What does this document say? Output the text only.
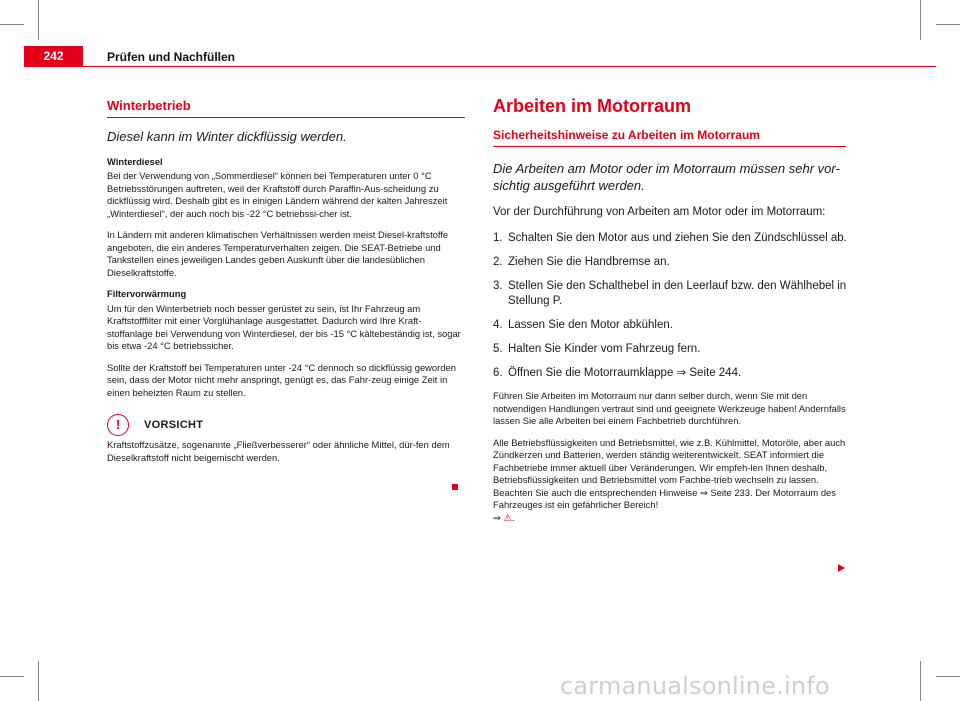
242	Prüfen und Nachfüllen
Winterbetrieb
Diesel kann im Winter dickflüssig werden.
Winterdiesel

Bei der Verwendung von „Sommerdiesel“ können bei Temperaturen unter 0 °C Betriebsstörungen auftreten, weil der Kraftstoff durch Paraffin-Aus-scheidung zu dickflüssig wird. Deshalb gibt es in einigen Ländern während der kalten Jahreszeit „Winterdiesel“, der auch noch bis -22 °C betriebssi-cher ist.

In Ländern mit anderen klimatischen Verhältnissen werden meist Diesel-kraftstoffe angeboten, die ein anderes Temperaturverhalten zeigen. Die SEAT-Betriebe und Tankstellen eines jeweiligen Landes geben Auskunft über die landesüblichen Dieselkraftstoffe.

Filtervorwärmung

Um für den Winterbetrieb noch besser gerüstet zu sein, ist Ihr Fahrzeug am Kraftstofffilter mit einer Vorglühanlage ausgestattet. Dadurch wird Ihre Kraft-stoffanlage bei Verwendung von Winterdiesel, der bis -15 °C kältebeständig ist, sogar bis etwa -24 °C betriebssicher.

Sollte der Kraftstoff bei Temperaturen unter -24 °C dennoch so dickflüssig geworden sein, dass der Motor nicht mehr anspringt, genügt es, das Fahr-zeug einige Zeit in einen beheizten Raum zu stellen.

!	VORSICHT

Kraftstoffzusätze, sogenannte „Fließverbesserer“ oder ähnliche Mittel, dür-fen dem Dieselkraftstoff nicht beigemischt werden.

Arbeiten im Motorraum
Sicherheitshinweise zu Arbeiten im Motorraum
Die Arbeiten am Motor oder im Motorraum müssen sehr vor-sichtig ausgeführt werden.
Vor der Durchführung von Arbeiten am Motor oder im Motorraum:
1. Schalten Sie den Motor aus und ziehen Sie den Zündschlüssel ab.
2. Ziehen Sie die Handbremse an.
3. Stellen Sie den Schalthebel in den Leerlauf bzw. den Wählhebel in Stellung P.
4. Lassen Sie den Motor abkühlen.
5. Halten Sie Kinder vom Fahrzeug fern.
6. Öffnen Sie die Motorraumklappe ⇒ Seite 244.

Führen Sie Arbeiten im Motorraum nur dann selber durch, wenn Sie mit den notwendigen Handlungen vertraut sind und geeignete Werkzeuge haben! Andernfalls lassen Sie alle Arbeiten bei einem Fachbetrieb durchführen.

Alle Betriebsflüssigkeiten und Betriebsmittel, wie z.B. Kühlmittel, Motoröle, aber auch Zündkerzen und Batterien, werden ständig weiterentwickelt. SEAT informiert die Fachbetriebe immer aktuell über Veränderungen. Wir empfeh-len Ihnen deshalb, Betriebsflüssigkeiten und Betriebsmittel vom Fachbe-trieb wechseln zu lassen. Beachten Sie auch die entsprechenden Hinweise ⇒ Seite 233. Der Motorraum des Fahrzeuges ist ein gefährlicher Bereich!
⇒ ⚠.

carmanualsonline.info
